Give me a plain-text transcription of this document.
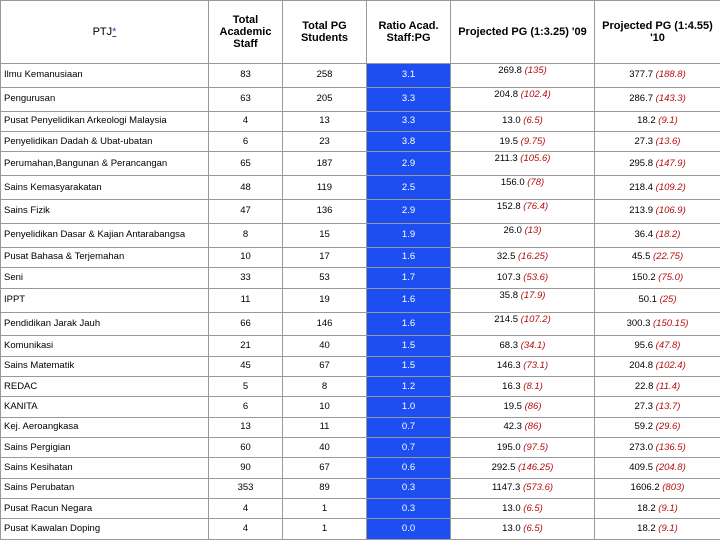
PTJ*	Total Academic Staff	Total PG Students	Ratio Acad. Staff:PG	Projected PG (1:3.25) '09	Projected PG (1:4.55) '10
Ilmu Kemanusiaan	83	258	3.1	269.8 (135)	377.7 (188.8)
Pengurusan	63	205	3.3	204.8 (102.4)	286.7 (143.3)
Pusat Penyelidikan Arkeologi Malaysia	4	13	3.3	13.0 (6.5)	18.2 (9.1)
Penyelidikan Dadah & Ubat-ubatan	6	23	3.8	19.5 (9.75)	27.3 (13.6)
Perumahan,Bangunan & Perancangan	65	187	2.9	211.3 (105.6)	295.8 (147.9)
Sains Kemasyarakatan	48	119	2.5	156.0 (78)	218.4 (109.2)
Sains Fizik	47	136	2.9	152.8 (76.4)	213.9 (106.9)
Penyelidikan Dasar & Kajian Antarabangsa	8	15	1.9	26.0 (13)	36.4 (18.2)
Pusat Bahasa & Terjemahan	10	17	1.6	32.5 (16.25)	45.5 (22.75)
Seni	33	53	1.7	107.3 (53.6)	150.2 (75.0)
IPPT	11	19	1.6	35.8 (17.9)	50.1 (25)
Pendidikan Jarak Jauh	66	146	1.6	214.5 (107.2)	300.3 (150.15)
Komunikasi	21	40	1.5	68.3 (34.1)	95.6 (47.8)
Sains Matematik	45	67	1.5	146.3 (73.1)	204.8 (102.4)
REDAC	5	8	1.2	16.3 (8.1)	22.8 (11.4)
KANITA	6	10	1.0	19.5 (86)	27.3 (13.7)
Kej. Aeroangkasa	13	11	0.7	42.3 (86)	59.2 (29.6)
Sains Pergigian	60	40	0.7	195.0 (97.5)	273.0 (136.5)
Sains Kesihatan	90	67	0.6	292.5 (146.25)	409.5 (204.8)
Sains Perubatan	353	89	0.3	1147.3 (573.6)	1606.2 (803)
Pusat Racun Negara	4	1	0.3	13.0 (6.5)	18.2 (9.1)
Pusat Kawalan Doping	4	1	0.0	13.0 (6.5)	18.2 (9.1)
